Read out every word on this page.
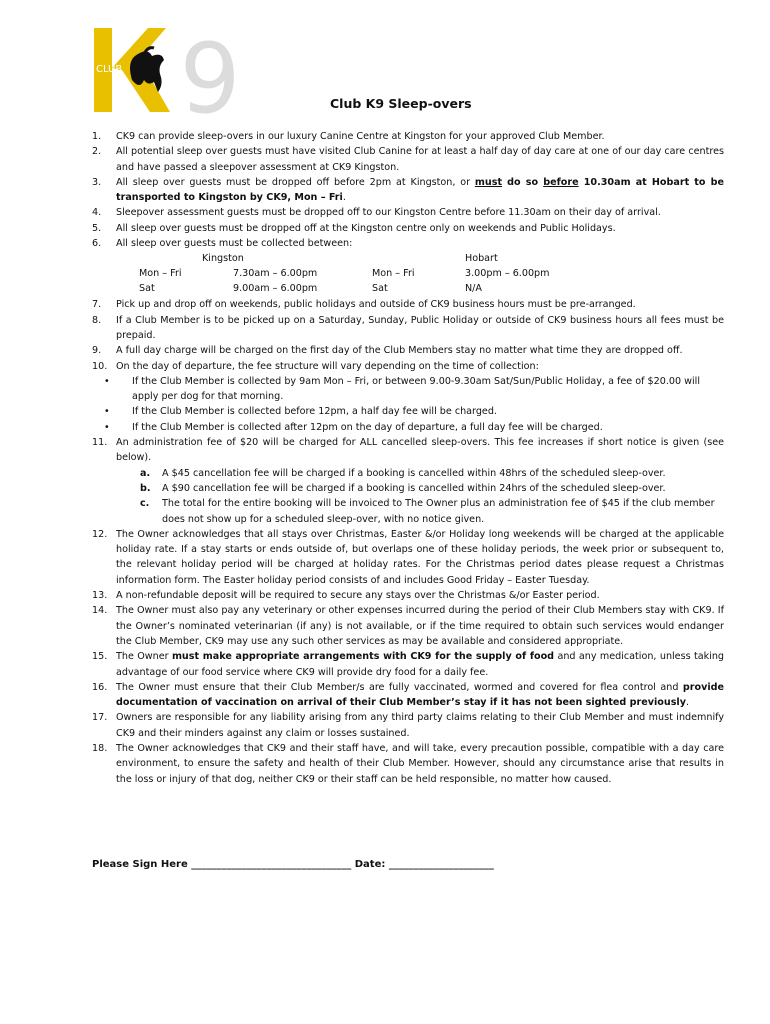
9
CLUB
Club K9 Sleep-overs
1.	CK9 can provide sleep-overs in our luxury Canine Centre at Kingston for your approved Club Member.
2.	All potential sleep over guests must have visited Club Canine for at least a half day of day care at one of our day care centres and have passed a sleepover assessment at CK9 Kingston.
3.	All sleep over guests must be dropped off before 2pm at Kingston, or must do so before 10.30am at Hobart to be transported to Kingston by CK9, Mon – Fri.
4.	Sleepover assessment guests must be dropped off to our Kingston Centre before 11.30am on their day of arrival.
5.	All sleep over guests must be dropped off at the Kingston centre only on weekends and Public Holidays.
6.	All sleep over guests must be collected between:
Kingston	Hobart
Mon – Fri	7.30am – 6.00pm	Mon – Fri	3.00pm – 6.00pm
Sat	9.00am – 6.00pm	Sat	N/A
7.	Pick up and drop off on weekends, public holidays and outside of CK9 business hours must be pre-arranged.
8.	If a Club Member is to be picked up on a Saturday, Sunday, Public Holiday or outside of CK9 business hours all fees must be prepaid.
9.	A full day charge will be charged on the first day of the Club Members stay no matter what time they are dropped off.
10. On the day of departure, the fee structure will vary depending on the time of collection:
•	If the Club Member is collected by 9am Mon – Fri, or between 9.00-9.30am Sat/Sun/Public Holiday, a fee of $20.00 will apply per dog for that morning.
•	If the Club Member is collected before 12pm, a half day fee will be charged.
•	If the Club Member is collected after 12pm on the day of departure, a full day fee will be charged.
11. An administration fee of $20 will be charged for ALL cancelled sleep-overs. This fee increases if short notice is given (see below).
a.	A $45 cancellation fee will be charged if a booking is cancelled within 48hrs of the scheduled sleep-over.
b.	A $90 cancellation fee will be charged if a booking is cancelled within 24hrs of the scheduled sleep-over.
c.	The total for the entire booking will be invoiced to The Owner plus an administration fee of $45 if the club member does not show up for a scheduled sleep-over, with no notice given.
12. The Owner acknowledges that all stays over Christmas, Easter &/or Holiday long weekends will be charged at the applicable holiday rate. If a stay starts or ends outside of, but overlaps one of these holiday periods, the week prior or subsequent to, the relevant holiday period will be charged at holiday rates. For the Christmas period dates please request a Christmas information form. The Easter holiday period consists of and includes Good Friday – Easter Tuesday.
13. A non-refundable deposit will be required to secure any stays over the Christmas &/or Easter period.
14. The Owner must also pay any veterinary or other expenses incurred during the period of their Club Members stay with CK9. If the Owner’s nominated veterinarian (if any) is not available, or if the time required to obtain such services would endanger the Club Member, CK9 may use any such other services as may be available and considered appropriate.
15. The Owner must make appropriate arrangements with CK9 for the supply of food and any medication, unless taking advantage of our food service where CK9 will provide dry food for a daily fee.
16. The Owner must ensure that their Club Member/s are fully vaccinated, wormed and covered for flea control and provide documentation of vaccination on arrival of their Club Member’s stay if it has not been sighted previously.
17. Owners are responsible for any liability arising from any third party claims relating to their Club Member and must indemnify CK9 and their minders against any claim or losses sustained.
18. The Owner acknowledges that CK9 and their staff have, and will take, every precaution possible, compatible with a day care environment, to ensure the safety and health of their Club Member. However, should any circumstance arise that results in the loss or injury of that dog, neither CK9 or their staff can be held responsible, no matter how caused.
Please Sign Here ________________________________ Date: _____________________
